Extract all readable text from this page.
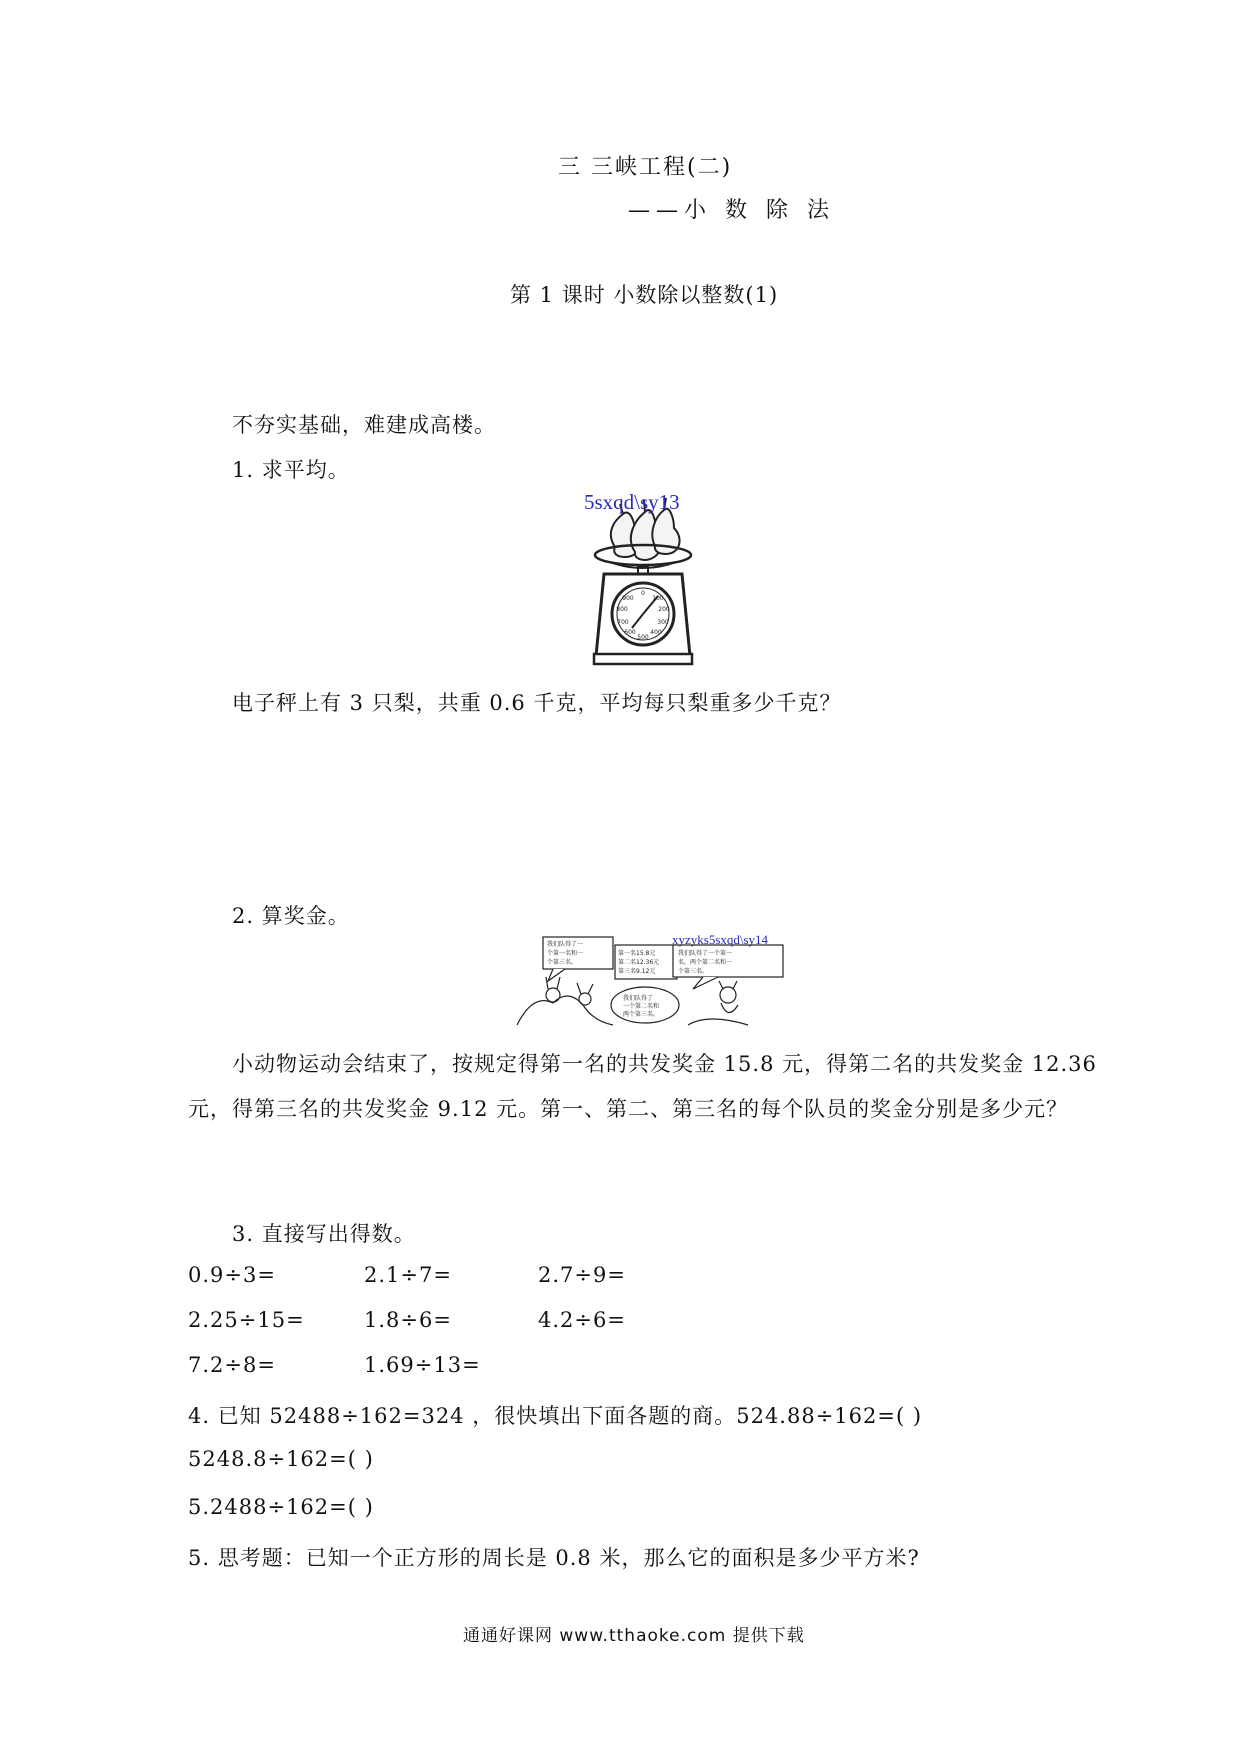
三 三峡工程(二)
——小 数 除 法
第 1 课时 小数除以整数(1)
不夯实基础，难建成高楼。
1. 求平均。
0
100
200
300
400
500
600
700
800
900
5sxqd\sy13
电子秤上有 3 只梨，共重 0.6 千克，平均每只梨重多少千克？
2. 算奖金。
我们队得了一
个第一名和一
个第三名。
第一名15.8元
第二名12.36元
第三名9.12元
我们队得了一个第一
名，两个第二名和一
个第三名。
我们队得了
一个第二名和
两个第三名。
xyzyks5sxqd\sy14
小动物运动会结束了，按规定得第一名的共发奖金 15.8 元，得第二名的共发奖金 12.36
元，得第三名的共发奖金 9.12 元。第一、第二、第三名的每个队员的奖金分别是多少元？
3. 直接写出得数。
0.9÷3=	2.1÷7=	2.7÷9=
2.25÷15=	1.8÷6=	4.2÷6=
7.2÷8=	1.69÷13=
4. 已知 52488÷162=324 ，很快填出下面各题的商。524.88÷162=( )
5248.8÷162=( )
5.2488÷162=( )
5. 思考题：已知一个正方形的周长是 0.8 米，那么它的面积是多少平方米?
通通好课网 www.tthaoke.com 提供下载
